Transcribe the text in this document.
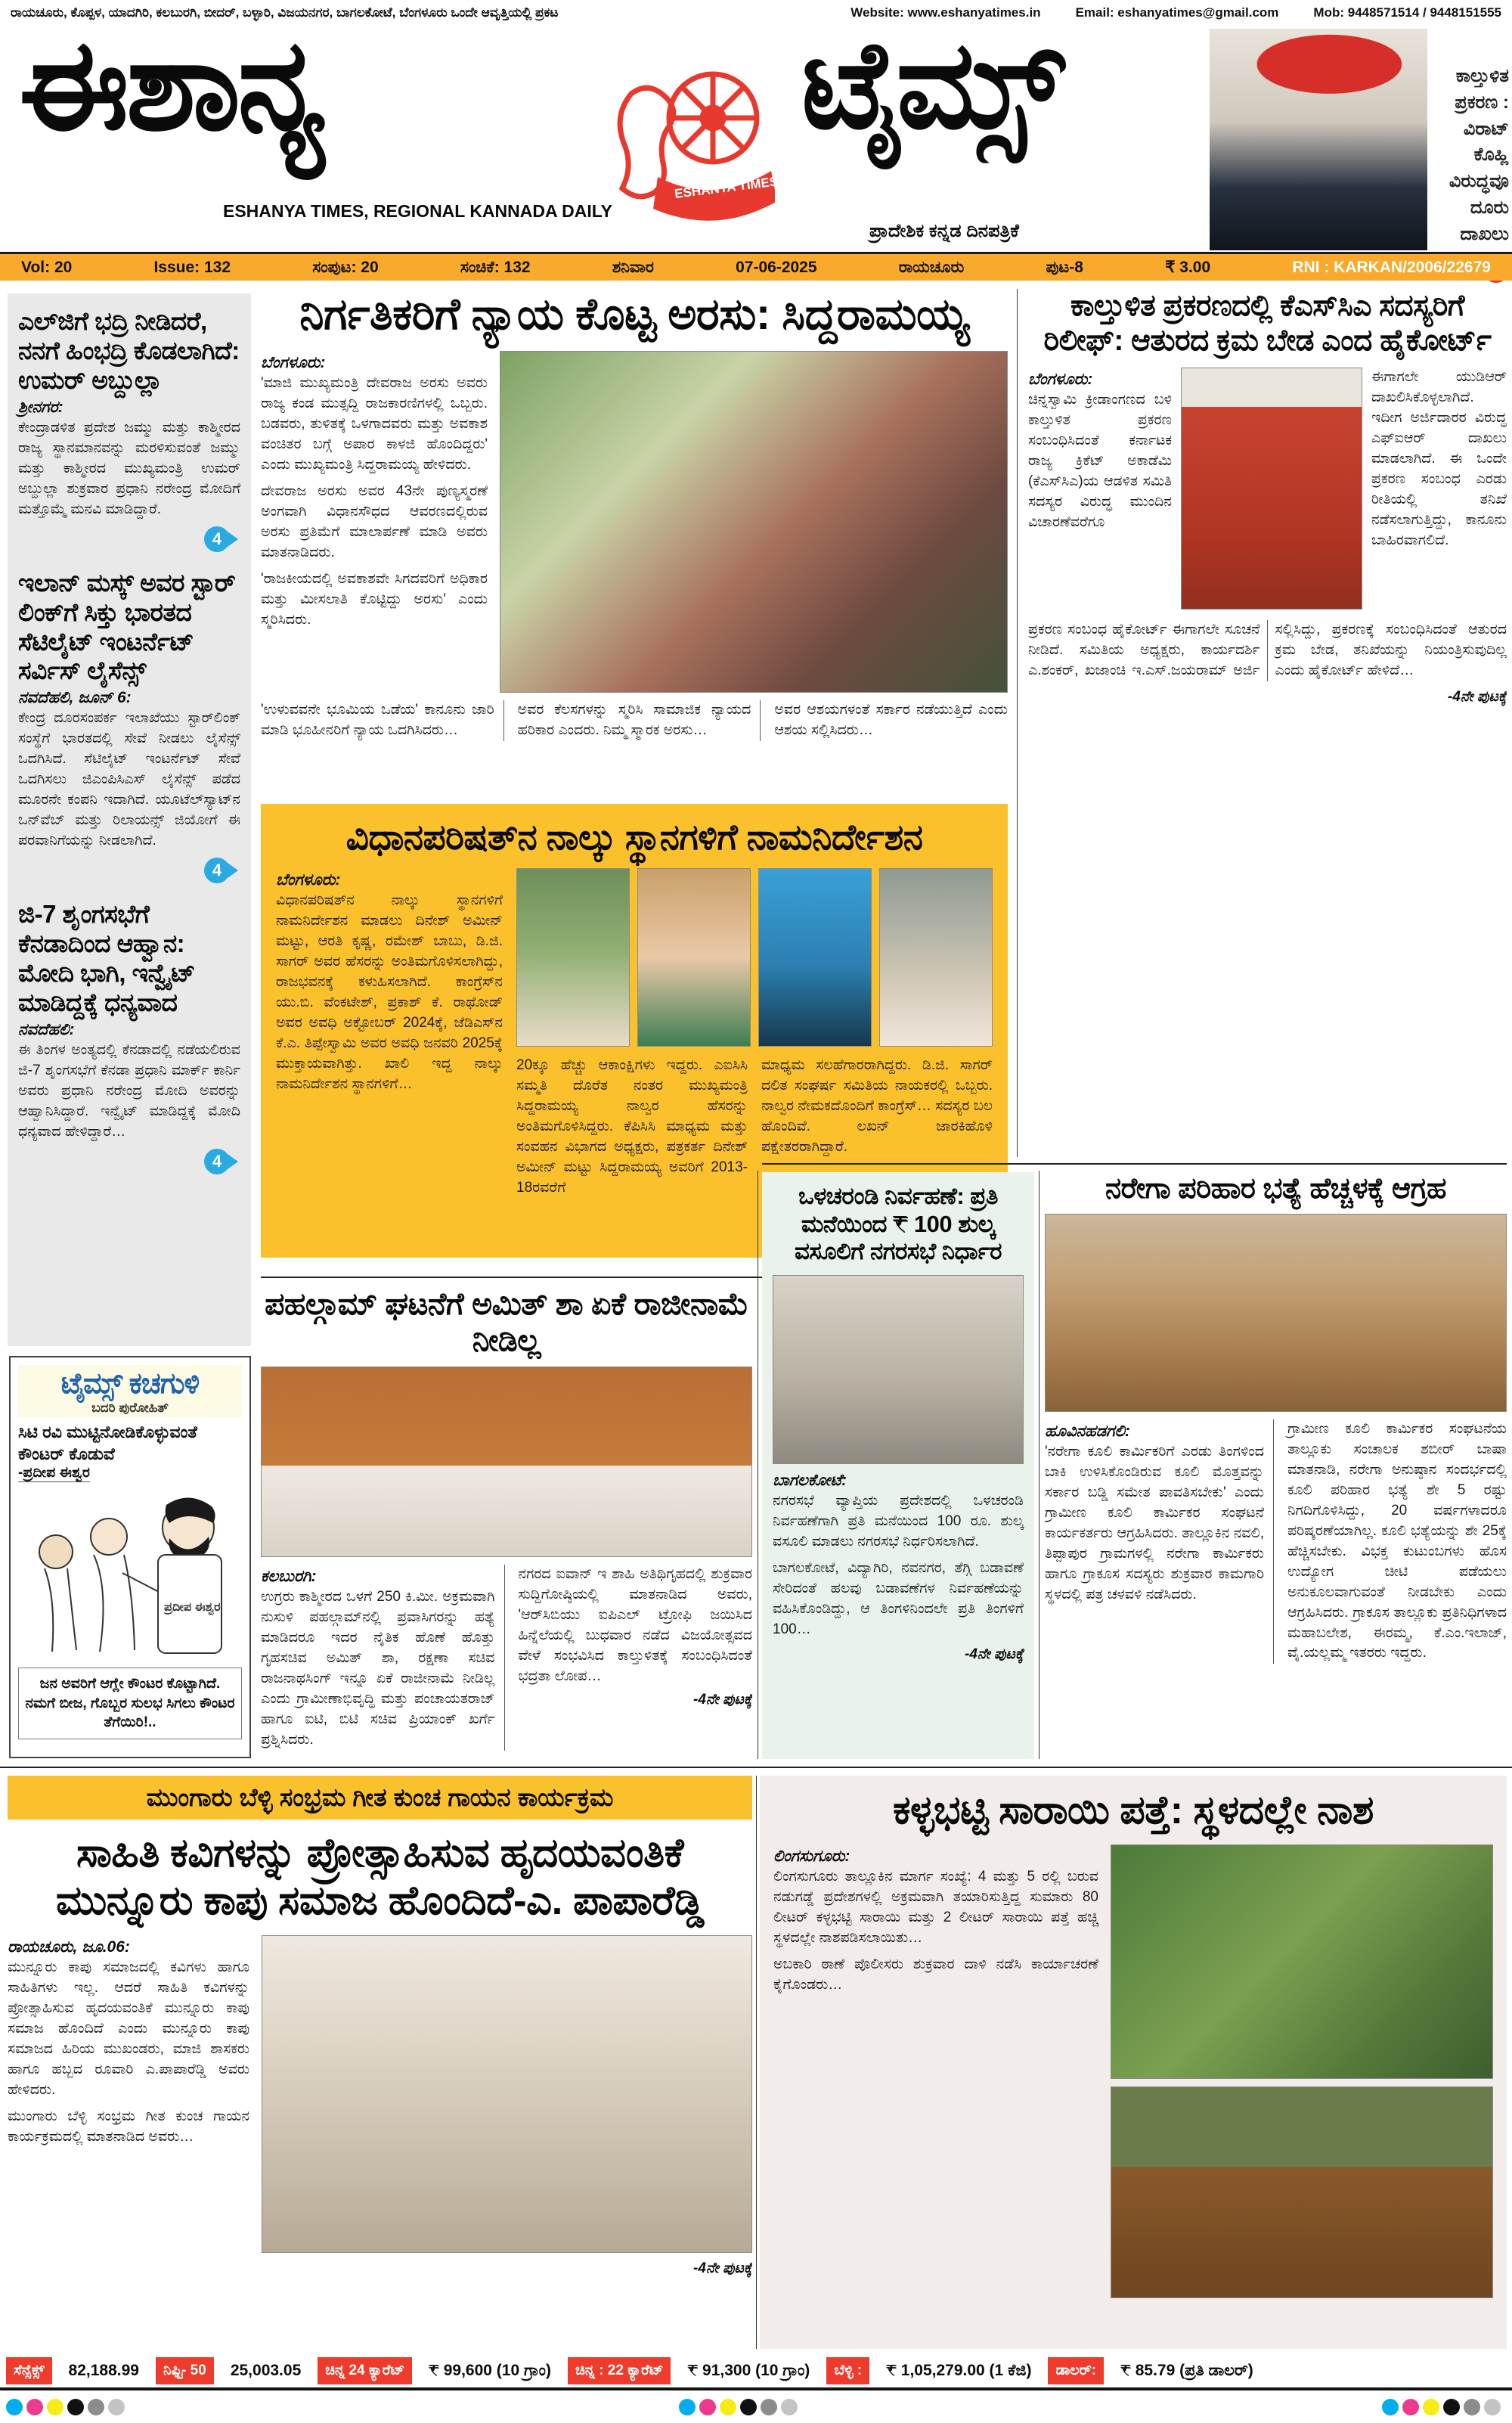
ರಾಯಚೂರು, ಕೊಪ್ಪಳ, ಯಾದಗಿರಿ, ಕಲಬುರಗಿ, ಬೀದರ್, ಬಳ್ಳಾರಿ, ವಿಜಯನಗರ, ಬಾಗಲಕೋಟೆ, ಬೆಂಗಳೂರು ಒಂದೇ ಆವೃತ್ತಿಯಲ್ಲಿ ಪ್ರಕಟ	Website: www.eshanyatimes.in	Email: eshanyatimes@gmail.com	Mob: 9448571514 / 9448151555
ಈಶಾನ್ಯ
ESHANYA TIMES, REGIONAL KANNADA DAILY
ESHANYA TIMES
ಟೈಮ್ಸ್
ಪ್ರಾದೇಶಿಕ ಕನ್ನಡ ದಿನಪತ್ರಿಕೆ
ಕಾಲ್ತುಳಿತ ಪ್ರಕರಣ : ವಿರಾಟ್ ಕೊಹ್ಲಿ ವಿರುದ್ಧವೂ ದೂರು ದಾಖಲು
Vol: 20	Issue: 132	ಸಂಪುಟ: 20	ಸಂಚಿಕೆ: 132	ಶನಿವಾರ	07-06-2025	ರಾಯಚೂರು	ಪುಟ-8	₹ 3.00	RNI : KARKAN/2006/22679
ಎಲ್‌ಜಿಗೆ ಭದ್ರಿ ನೀಡಿದರೆ, ನನಗೆ ಹಿಂಭದ್ರಿ ಕೊಡಲಾಗಿದೆ: ಉಮರ್ ಅಬ್ದುಲ್ಲಾ
ಶ್ರೀನಗರ:
ಕೇಂದ್ರಾಡಳಿತ ಪ್ರದೇಶ ಜಮ್ಮು ಮತ್ತು ಕಾಶ್ಮೀರದ ರಾಜ್ಯ ಸ್ಥಾನಮಾನವನ್ನು ಮರಳಿಸುವಂತೆ ಜಮ್ಮು ಮತ್ತು ಕಾಶ್ಮೀರದ ಮುಖ್ಯಮಂತ್ರಿ ಉಮರ್ ಅಬ್ದುಲ್ಲಾ ಶುಕ್ರವಾರ ಪ್ರಧಾನಿ ನರೇಂದ್ರ ಮೋದಿಗೆ ಮತ್ತೊಮ್ಮೆ ಮನವಿ ಮಾಡಿದ್ದಾರೆ.
4
ಇಲಾನ್ ಮಸ್ಕ್ ಅವರ ಸ್ಟಾರ್ ಲಿಂಕ್‌ಗೆ ಸಿಕ್ತು ಭಾರತದ ಸೆಟಿಲೈಟ್ ಇಂಟರ್ನೆಟ್ ಸರ್ವಿಸ್ ಲೈಸೆನ್ಸ್
ನವದೆಹಲಿ, ಜೂನ್ 6:
ಕೇಂದ್ರ ದೂರಸಂಪರ್ಕ ಇಲಾಖೆಯು ಸ್ಟಾರ್‌ಲಿಂಕ್ ಸಂಸ್ಥೆಗೆ ಭಾರತದಲ್ಲಿ ಸೇವೆ ನೀಡಲು ಲೈಸೆನ್ಸ್ ಒದಗಿಸಿದೆ. ಸೆಟಿಲೈಟ್ ಇಂಟರ್ನೆಟ್ ಸೇವೆ ಒದಗಿಸಲು ಜಿಎಂಪಿಸಿಎಸ್ ಲೈಸೆನ್ಸ್ ಪಡೆದ ಮೂರನೇ ಕಂಪನಿ ಇದಾಗಿದೆ. ಯೂಟೆಲ್‌ಸ್ಯಾಟ್‌ನ ಒನ್‌ವೆಬ್ ಮತ್ತು ರಿಲಾಯನ್ಸ್ ಜಿಯೋಗೆ ಈ ಪರವಾನಿಗೆಯನ್ನು ನೀಡಲಾಗಿದೆ.
4
ಜಿ-7 ಶೃಂಗಸಭೆಗೆ ಕೆನಡಾದಿಂದ ಆಹ್ವಾನ: ಮೋದಿ ಭಾಗಿ, ಇನ್ವೈಟ್ ಮಾಡಿದ್ದಕ್ಕೆ ಧನ್ಯವಾದ
ನವದೆಹಲಿ:
ಈ ತಿಂಗಳ ಅಂತ್ಯದಲ್ಲಿ ಕೆನಡಾದಲ್ಲಿ ನಡೆಯಲಿರುವ ಜಿ-7 ಶೃಂಗಸಭೆಗೆ ಕೆನಡಾ ಪ್ರಧಾನಿ ಮಾರ್ಕ್ ಕಾರ್ನಿ ಅವರು ಪ್ರಧಾನಿ ನರೇಂದ್ರ ಮೋದಿ ಅವರನ್ನು ಆಹ್ವಾನಿಸಿದ್ದಾರೆ. ಇನ್ವೈಟ್ ಮಾಡಿದ್ದಕ್ಕೆ ಮೋದಿ ಧನ್ಯವಾದ ಹೇಳಿದ್ದಾರೆ…
4
ನಿರ್ಗತಿಕರಿಗೆ ನ್ಯಾಯ ಕೊಟ್ಟ ಅರಸು: ಸಿದ್ದರಾಮಯ್ಯ
ಬೆಂಗಳೂರು:
'ಮಾಜಿ ಮುಖ್ಯಮಂತ್ರಿ ದೇವರಾಜ ಅರಸು ಅವರು ರಾಜ್ಯ ಕಂಡ ಮುತ್ಸದ್ದಿ ರಾಜಕಾರಣಿಗಳಲ್ಲಿ ಒಬ್ಬರು. ಬಡವರು, ತುಳಿತಕ್ಕೆ ಒಳಗಾದವರು ಮತ್ತು ಅವಕಾಶ ವಂಚಿತರ ಬಗ್ಗೆ ಅಪಾರ ಕಾಳಜಿ ಹೊಂದಿದ್ದರು' ಎಂದು ಮುಖ್ಯಮಂತ್ರಿ ಸಿದ್ದರಾಮಯ್ಯ ಹೇಳಿದರು.
ದೇವರಾಜ ಅರಸು ಅವರ 43ನೇ ಪುಣ್ಯಸ್ಮರಣೆ ಅಂಗವಾಗಿ ವಿಧಾನಸೌಧದ ಆವರಣದಲ್ಲಿರುವ ಅರಸು ಪ್ರತಿಮೆಗೆ ಮಾಲಾರ್ಪಣೆ ಮಾಡಿ ಅವರು ಮಾತನಾಡಿದರು.
'ರಾಜಕೀಯದಲ್ಲಿ ಅವಕಾಶವೇ ಸಿಗದವರಿಗೆ ಅಧಿಕಾರ ಮತ್ತು ಮೀಸಲಾತಿ ಕೊಟ್ಟಿದ್ದು ಅರಸು' ಎಂದು ಸ್ಮರಿಸಿದರು.
'ಉಳುವವನೇ ಭೂಮಿಯ ಒಡೆಯ' ಕಾನೂನು ಜಾರಿ ಮಾಡಿ ಭೂಹೀನರಿಗೆ ನ್ಯಾಯ ಒದಗಿಸಿದರು…
ಅವರ ಕೆಲಸಗಳನ್ನು ಸ್ಮರಿಸಿ ಸಾಮಾಜಿಕ ನ್ಯಾಯದ ಹರಿಕಾರ ಎಂದರು. ನಿಮ್ಮ ಸ್ಮಾರಕ ಅರಸು…
ಅವರ ಆಶಯಗಳಂತೆ ಸರ್ಕಾರ ನಡೆಯುತ್ತಿದೆ ಎಂದು ಆಶಯ ಸಲ್ಲಿಸಿದರು…
ಕಾಲ್ತುಳಿತ ಪ್ರಕರಣದಲ್ಲಿ ಕೆಎಸ್‌ಸಿಎ ಸದಸ್ಯರಿಗೆ ರಿಲೀಫ್: ಆತುರದ ಕ್ರಮ ಬೇಡ ಎಂದ ಹೈಕೋರ್ಟ್
ಬೆಂಗಳೂರು:
ಚಿನ್ನಸ್ವಾಮಿ ಕ್ರೀಡಾಂಗಣದ ಬಳಿ ಕಾಲ್ತುಳಿತ ಪ್ರಕರಣ ಸಂಬಂಧಿಸಿದಂತೆ ಕರ್ನಾಟಕ ರಾಜ್ಯ ಕ್ರಿಕೆಟ್ ಅಕಾಡೆಮಿ (ಕೆಎಸ್‌ಸಿಎ)ಯ ಆಡಳಿತ ಸಮಿತಿ ಸದಸ್ಯರ ವಿರುದ್ಧ ಮುಂದಿನ ವಿಚಾರಣೆವರೆಗೂ
ಈಗಾಗಲೇ ಯುಡಿಆರ್ ದಾಖಲಿಸಿಕೊಳ್ಳಲಾಗಿದೆ. ಇದೀಗ ಅರ್ಜಿದಾರರ ವಿರುದ್ಧ ಎಫ್‌ಐಆರ್ ದಾಖಲು ಮಾಡಲಾಗಿದೆ. ಈ ಒಂದೇ ಪ್ರಕರಣ ಸಂಬಂಧ ಎರಡು ರೀತಿಯಲ್ಲಿ ತನಿಖೆ ನಡೆಸಲಾಗುತ್ತಿದ್ದು, ಕಾನೂನು ಬಾಹಿರವಾಗಲಿದೆ.
ಪ್ರಕರಣ ಸಂಬಂಧ ಹೈಕೋರ್ಟ್ ಈಗಾಗಲೇ ಸೂಚನೆ ನೀಡಿದೆ. ಸಮಿತಿಯ ಅಧ್ಯಕ್ಷರು, ಕಾರ್ಯದರ್ಶಿ ಎ.ಶಂಕರ್, ಖಜಾಂಚಿ ಇ.ಎಸ್.ಜಯರಾಮ್ ಅರ್ಜಿ ಸಲ್ಲಿಸಿದ್ದು, ಪ್ರಕರಣಕ್ಕೆ ಸಂಬಂಧಿಸಿದಂತೆ ಆತುರದ ಕ್ರಮ ಬೇಡ, ತನಿಖೆಯನ್ನು ನಿಯಂತ್ರಿಸುವುದಿಲ್ಲ ಎಂದು ಹೈಕೋರ್ಟ್ ಹೇಳಿದೆ…
-4ನೇ ಪುಟಕ್ಕೆ
ವಿಧಾನಪರಿಷತ್‌ನ ನಾಲ್ಕು ಸ್ಥಾನಗಳಿಗೆ ನಾಮನಿರ್ದೇಶನ
ಬೆಂಗಳೂರು:
ವಿಧಾನಪರಿಷತ್‌ನ ನಾಲ್ಕು ಸ್ಥಾನಗಳಿಗೆ ನಾಮನಿರ್ದೇಶನ ಮಾಡಲು ದಿನೇಶ್ ಅಮೀನ್ ಮಟ್ಟು, ಆರತಿ ಕೃಷ್ಣ, ರಮೇಶ್ ಬಾಬು, ಡಿ.ಜಿ. ಸಾಗರ್ ಅವರ ಹೆಸರನ್ನು ಅಂತಿಮಗೊಳಿಸಲಾಗಿದ್ದು, ರಾಜಭವನಕ್ಕೆ ಕಳುಹಿಸಲಾಗಿದೆ. ಕಾಂಗ್ರೆಸ್‌ನ ಯು.ಬಿ. ವೆಂಕಟೇಶ್, ಪ್ರಕಾಶ್ ಕೆ. ರಾಥೋಡ್ ಅವರ ಅವಧಿ ಅಕ್ಟೋಬರ್ 2024ಕ್ಕೆ, ಜೆಡಿಎಸ್‌ನ ಕೆ.ಎ. ತಿಪ್ಪೇಸ್ವಾಮಿ ಅವರ ಅವಧಿ ಜನವರಿ 2025ಕ್ಕೆ ಮುಕ್ತಾಯವಾಗಿತ್ತು. ಖಾಲಿ ಇದ್ದ ನಾಲ್ಕು ನಾಮನಿರ್ದೇಶನ ಸ್ಥಾನಗಳಿಗೆ…
20ಕ್ಕೂ ಹೆಚ್ಚು ಆಕಾಂಕ್ಷಿಗಳು ಇದ್ದರು. ಎಐಸಿಸಿ ಸಮ್ಮತಿ ದೊರೆತ ನಂತರ ಮುಖ್ಯಮಂತ್ರಿ ಸಿದ್ದರಾಮಯ್ಯ ನಾಲ್ವರ ಹೆಸರನ್ನು ಅಂತಿಮಗೊಳಿಸಿದ್ದರು. ಕೆಪಿಸಿಸಿ ಮಾಧ್ಯಮ ಮತ್ತು ಸಂವಹನ ವಿಭಾಗದ ಅಧ್ಯಕ್ಷರು, ಪತ್ರಕರ್ತ ದಿನೇಶ್ ಅಮೀನ್ ಮಟ್ಟು ಸಿದ್ದರಾಮಯ್ಯ ಅವರಿಗೆ 2013-18ರವರೆಗೆ
ಮಾಧ್ಯಮ ಸಲಹೆಗಾರರಾಗಿದ್ದರು. ಡಿ.ಜಿ. ಸಾಗರ್ ದಲಿತ ಸಂಘರ್ಷ ಸಮಿತಿಯ ನಾಯಕರಲ್ಲಿ ಒಬ್ಬರು. ನಾಲ್ವರ ನೇಮಕದೊಂದಿಗೆ ಕಾಂಗ್ರೆಸ್… ಸದಸ್ಯರ ಬಲ ಹೊಂದಿವೆ. ಲಖನ್ ಜಾರಕಿಹೊಳಿ ಪಕ್ಷೇತರರಾಗಿದ್ದಾರೆ.
ಪಹಲ್ಗಾಮ್ ಘಟನೆಗೆ ಅಮಿತ್ ಶಾ ಏಕೆ ರಾಜೀನಾಮೆ ನೀಡಿಲ್ಲ
ಕಲಬುರಗಿ:
ಉಗ್ರರು ಕಾಶ್ಮೀರದ ಒಳಗೆ 250 ಕಿ.ಮೀ. ಅಕ್ರಮವಾಗಿ ನುಸುಳಿ ಪಹಲ್ಗಾಮ್‌ನಲ್ಲಿ ಪ್ರವಾಸಿಗರನ್ನು ಹತ್ಯೆ ಮಾಡಿದರೂ ಇದರ ನೈತಿಕ ಹೊಣೆ ಹೊತ್ತು ಗೃಹಸಚಿವ ಅಮಿತ್ ಶಾ, ರಕ್ಷಣಾ ಸಚಿವ ರಾಜನಾಥಸಿಂಗ್ ಇನ್ನೂ ಏಕೆ ರಾಜೀನಾಮೆ ನೀಡಿಲ್ಲ ಎಂದು ಗ್ರಾಮೀಣಾಭಿವೃದ್ಧಿ ಮತ್ತು ಪಂಚಾಯತರಾಜ್ ಹಾಗೂ ಐಟಿ, ಬಿಟಿ ಸಚಿವ ಪ್ರಿಯಾಂಕ್ ಖರ್ಗೆ ಪ್ರಶ್ನಿಸಿದರು.
ನಗರದ ಐವಾನ್ ಇ ಶಾಹಿ ಅತಿಥಿಗೃಹದಲ್ಲಿ ಶುಕ್ರವಾರ ಸುದ್ದಿಗೋಷ್ಠಿಯಲ್ಲಿ ಮಾತನಾಡಿದ ಅವರು, 'ಆರ್‌ಸಿಬಿಯು ಐಪಿಎಲ್ ಟ್ರೋಫಿ ಜಯಿಸಿದ ಹಿನ್ನೆಲೆಯಲ್ಲಿ ಬುಧವಾರ ನಡೆದ ವಿಜಯೋತ್ಸವದ ವೇಳೆ ಸಂಭವಿಸಿದ ಕಾಲ್ತುಳಿತಕ್ಕೆ ಸಂಬಂಧಿಸಿದಂತೆ ಭದ್ರತಾ ಲೋಪ…
-4ನೇ ಪುಟಕ್ಕೆ
ಒಳಚರಂಡಿ ನಿರ್ವಹಣೆ: ಪ್ರತಿ ಮನೆಯಿಂದ ₹ 100 ಶುಲ್ಕ ವಸೂಲಿಗೆ ನಗರಸಭೆ ನಿರ್ಧಾರ
ಬಾಗಲಕೋಟೆ:
ನಗರಸಭೆ ವ್ಯಾಪ್ತಿಯ ಪ್ರದೇಶದಲ್ಲಿ ಒಳಚರಂಡಿ ನಿರ್ವಹಣೆಗಾಗಿ ಪ್ರತಿ ಮನೆಯಿಂದ 100 ರೂ. ಶುಲ್ಕ ವಸೂಲಿ ಮಾಡಲು ನಗರಸಭೆ ನಿರ್ಧರಿಸಲಾಗಿದೆ.
ಬಾಗಲಕೋಟೆ, ವಿದ್ಯಾಗಿರಿ, ನವನಗರ, ತೆಗ್ಗಿ ಬಡಾವಣೆ ಸೇರಿದಂತೆ ಹಲವು ಬಡಾವಣೆಗಳ ನಿರ್ವಹಣೆಯನ್ನು ವಹಿಸಿಕೊಂಡಿದ್ದು, ಆ ತಿಂಗಳಿನಿಂದಲೇ ಪ್ರತಿ ತಿಂಗಳಿಗೆ 100…
-4ನೇ ಪುಟಕ್ಕೆ
ನರೇಗಾ ಪರಿಹಾರ ಭತ್ಯೆ ಹೆಚ್ಚಳಕ್ಕೆ ಆಗ್ರಹ
ಹೂವಿನಹಡಗಲಿ:
'ನರೇಗಾ ಕೂಲಿ ಕಾರ್ಮಿಕರಿಗೆ ಎರಡು ತಿಂಗಳಿಂದ ಬಾಕಿ ಉಳಿಸಿಕೊಂಡಿರುವ ಕೂಲಿ ಮೊತ್ತವನ್ನು ಸರ್ಕಾರ ಬಡ್ಡಿ ಸಮೇತ ಪಾವತಿಸಬೇಕು' ಎಂದು ಗ್ರಾಮೀಣ ಕೂಲಿ ಕಾರ್ಮಿಕರ ಸಂಘಟನೆ ಕಾರ್ಯಕರ್ತರು ಆಗ್ರಹಿಸಿದರು. ತಾಲ್ಲೂಕಿನ ನವಲಿ, ತಿಪ್ಪಾಪುರ ಗ್ರಾಮಗಳಲ್ಲಿ ನರೇಗಾ ಕಾರ್ಮಿಕರು ಹಾಗೂ ಗ್ರಾಕೂಸ ಸದಸ್ಯರು ಶುಕ್ರವಾರ ಕಾಮಗಾರಿ ಸ್ಥಳದಲ್ಲಿ ಪತ್ರ ಚಳವಳಿ ನಡೆಸಿದರು.
ಗ್ರಾಮೀಣ ಕೂಲಿ ಕಾರ್ಮಿಕರ ಸಂಘಟನೆಯ ತಾಲ್ಲೂಕು ಸಂಚಾಲಕ ಶಬೀರ್ ಬಾಷಾ ಮಾತನಾಡಿ, ನರೇಗಾ ಅನುಷ್ಠಾನ ಸಂದರ್ಭದಲ್ಲಿ ಕೂಲಿ ಪರಿಹಾರ ಭತ್ಯೆ ಶೇ 5 ರಷ್ಟು ನಿಗದಿಗೊಳಿಸಿದ್ದು, 20 ವರ್ಷಗಳಾದರೂ ಪರಿಷ್ಕರಣೆಯಾಗಿಲ್ಲ. ಕೂಲಿ ಭತ್ಯೆಯನ್ನು ಶೇ 25ಕ್ಕೆ ಹೆಚ್ಚಿಸಬೇಕು. ವಿಭಕ್ತ ಕುಟುಂಬಗಳು ಹೊಸ ಉದ್ಯೋಗ ಚೀಟಿ ಪಡೆಯಲು ಅನುಕೂಲವಾಗುವಂತೆ ನೀಡಬೇಕು ಎಂದು ಆಗ್ರಹಿಸಿದರು. ಗ್ರಾಕೂಸ ತಾಲ್ಲೂಕು ಪ್ರತಿನಿಧಿಗಳಾದ ಮಹಾಬಲೇಶ, ಈರಮ್ಮ, ಕೆ.ಎಂ.ಇಲಾಜ್, ವೈ.ಯಲ್ಲಮ್ಮ ಇತರರು ಇದ್ದರು.
ಟೈಮ್ಸ್ ಕಚಗುಳಿ
ಬದರಿ ಪುರೋಹಿತ್
ಸಿಟಿ ರವಿ ಮುಟ್ಟಿನೋಡಿಕೊಳ್ಳುವಂತೆ ಕೌಂಟರ್ ಕೊಡುವೆ
-ಪ್ರದೀಪ ಈಶ್ವರ
ಪ್ರದೀಪ ಈಶ್ವರ
ಜನ ಅವರಿಗೆ ಆಗ್ಲೇ ಕೌಂಟರ ಕೊಟ್ಟಾಗಿದೆ. ನಮಗೆ ಬೀಜ, ಗೊಬ್ಬರ ಸುಲಭ ಸಿಗಲು ಕೌಂಟರ ತೆಗೆಯಿರಿ!..
ಮುಂಗಾರು ಬೆಳ್ಳಿ ಸಂಭ್ರಮ ಗೀತ ಕುಂಚ ಗಾಯನ ಕಾರ್ಯಕ್ರಮ
ಸಾಹಿತಿ ಕವಿಗಳನ್ನು ಪ್ರೋತ್ಸಾಹಿಸುವ ಹೃದಯವಂತಿಕೆ ಮುನ್ನೂರು ಕಾಪು ಸಮಾಜ ಹೊಂದಿದೆ-ಎ. ಪಾಪಾರೆಡ್ಡಿ
ರಾಯಚೂರು, ಜೂ.06:
ಮುನ್ನೂರು ಕಾಪು ಸಮಾಜದಲ್ಲಿ ಕವಿಗಳು ಹಾಗೂ ಸಾಹಿತಿಗಳು ಇಲ್ಲ. ಆದರೆ ಸಾಹಿತಿ ಕವಿಗಳನ್ನು ಪ್ರೋತ್ಸಾಹಿಸುವ ಹೃದಯವಂತಿಕೆ ಮುನ್ನೂರು ಕಾಪು ಸಮಾಜ ಹೊಂದಿದೆ ಎಂದು ಮುನ್ನೂರು ಕಾಪು ಸಮಾಜದ ಹಿರಿಯ ಮುಖಂಡರು, ಮಾಜಿ ಶಾಸಕರು ಹಾಗೂ ಹಬ್ಬದ ರೂವಾರಿ ಎ.ಪಾಪಾರೆಡ್ಡಿ ಅವರು ಹೇಳಿದರು.
ಮುಂಗಾರು ಬೆಳ್ಳಿ ಸಂಭ್ರಮ ಗೀತ ಕುಂಚ ಗಾಯನ ಕಾರ್ಯಕ್ರಮದಲ್ಲಿ ಮಾತನಾಡಿದ ಅವರು…
-4ನೇ ಪುಟಕ್ಕೆ
ಕಳ್ಳಭಟ್ಟಿ ಸಾರಾಯಿ ಪತ್ತೆ: ಸ್ಥಳದಲ್ಲೇ ನಾಶ
ಲಿಂಗಸುಗೂರು:
ಲಿಂಗಸುಗೂರು ತಾಲ್ಲೂಕಿನ ಮಾರ್ಗ ಸಂಖ್ಯೆ: 4 ಮತ್ತು 5 ರಲ್ಲಿ ಬರುವ ನಡುಗಡ್ಡೆ ಪ್ರದೇಶಗಳಲ್ಲಿ ಅಕ್ರಮವಾಗಿ ತಯಾರಿಸುತ್ತಿದ್ದ ಸುಮಾರು 80 ಲೀಟರ್ ಕಳ್ಳಭಟ್ಟಿ ಸಾರಾಯಿ ಮತ್ತು 2 ಲೀಟರ್ ಸಾರಾಯಿ ಪತ್ತೆ ಹಚ್ಚಿ ಸ್ಥಳದಲ್ಲೇ ನಾಶಪಡಿಸಲಾಯಿತು…
ಅಬಕಾರಿ ಠಾಣೆ ಪೊಲೀಸರು ಶುಕ್ರವಾರ ದಾಳಿ ನಡೆಸಿ ಕಾರ್ಯಾಚರಣೆ ಕೈಗೊಂಡರು…
ಸೆನ್ಸೆಕ್ಸ್	82,188.99	ನಿಫ್ಟಿ- 50	25,003.05	ಚಿನ್ನ 24 ಕ್ಯಾರೆಟ್	₹ 99,600 (10 ಗ್ರಾಂ)	ಚಿನ್ನ : 22 ಕ್ಯಾರೆಟ್	₹ 91,300 (10 ಗ್ರಾಂ)	ಬೆಳ್ಳಿ :	₹ 1,05,279.00 (1 ಕೆಜಿ)	ಡಾಲರ್:	₹ 85.79 (ಪ್ರತಿ ಡಾಲರ್)
